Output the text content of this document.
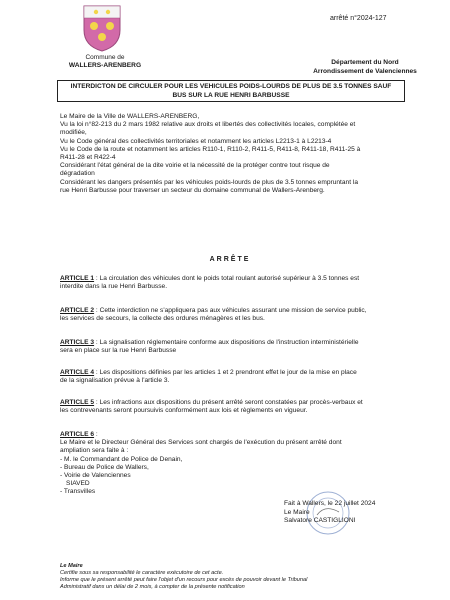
Commune de
WALLERS-ARENBERG
arrêté n°2024-127
Département du Nord
Arrondissement de Valenciennes
INTERDICTON DE CIRCULER POUR LES VEHICULES POIDS-LOURDS DE PLUS DE 3.5 TONNES SAUF
BUS SUR LA RUE HENRI BARBUSSE
Le Maire de la Ville de WALLERS-ARENBERG,
Vu la loi n°82-213 du 2 mars 1982 relative aux droits et libertés des collectivités locales, complétée et
modifiée,
Vu le Code général des collectivités territoriales et notamment les articles L2213-1 à L2213-4
Vu le Code de la route et notamment les articles R110-1, R110-2, R411-5, R411-8, R411-18, R411-25 à
R411-28 et R422-4
Considérant l'état général de la dite voirie et la nécessité de la protéger contre tout risque de
dégradation
Considérant les dangers présentés par les véhicules poids-lourds de plus de 3.5 tonnes empruntant la
rue Henri Barbusse pour traverser un secteur du domaine communal de Wallers-Arenberg.
ARRÊTE
ARTICLE 1 : La circulation des véhicules dont le poids total roulant autorisé supérieur à 3.5 tonnes est
interdite dans la rue Henri Barbusse.
ARTICLE 2 : Cette interdiction ne s'appliquera pas aux véhicules assurant une mission de service public,
les services de secours, la collecte des ordures ménagères et les bus.
ARTICLE 3 : La signalisation réglementaire conforme aux dispositions de l'instruction interministérielle
sera en place sur la rue Henri Barbusse
ARTICLE 4 : Les dispositions définies par les articles 1 et 2 prendront effet le jour de la mise en place
de la signalisation prévue à l'article 3.
ARTICLE 5 : Les infractions aux dispositions du présent arrêté seront constatées par procès-verbaux et
les contrevenants seront poursuivis conformément aux lois et règlements en vigueur.
ARTICLE 6 :
Le Maire et le Directeur Général des Services sont chargés de l'exécution du présent arrêté dont
ampliation sera faite à :
- M. le Commandant de Police de Denain,
- Bureau de Police de Wallers,
- Voirie de Valenciennes
SIAVED
- Transvilles
Fait à Wallers, le 22 juillet 2024
Le Maire
Salvatore CASTIGLIONI
Le Maire
Certifie sous sa responsabilité le caractère exécutoire de cet acte.
Informe que le présent arrêté peut faire l'objet d'un recours pour excès de pouvoir devant le Tribunal
Administratif dans un délai de 2 mois, à compter de la présente notification
